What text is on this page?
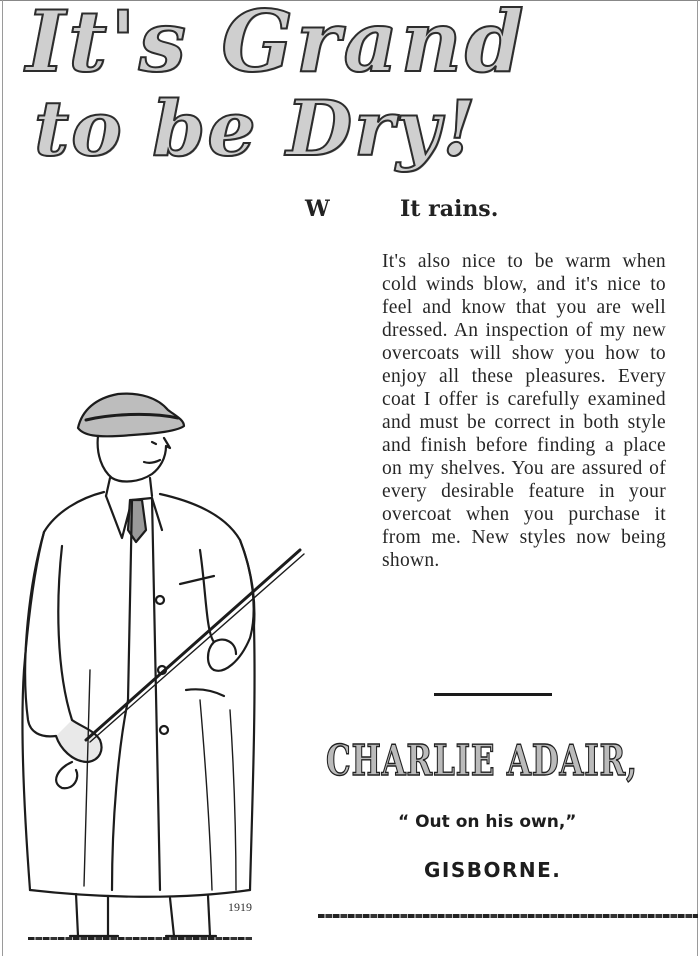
It's Grand
to be Dry!
W	It rains.
It's also nice to be warm when cold winds blow, and it's nice to feel and know that you are well dressed. An inspection of my new overcoats will show you how to enjoy all these pleasures. Every coat I offer is carefully examined and must be correct in both style and finish before finding a place on my shelves. You are assured of every desirable feature in your overcoat when you purchase it from me. New styles now being shown.
CHARLIE ADAIR,
“ Out on his own,”
GISBORNE.
1919
